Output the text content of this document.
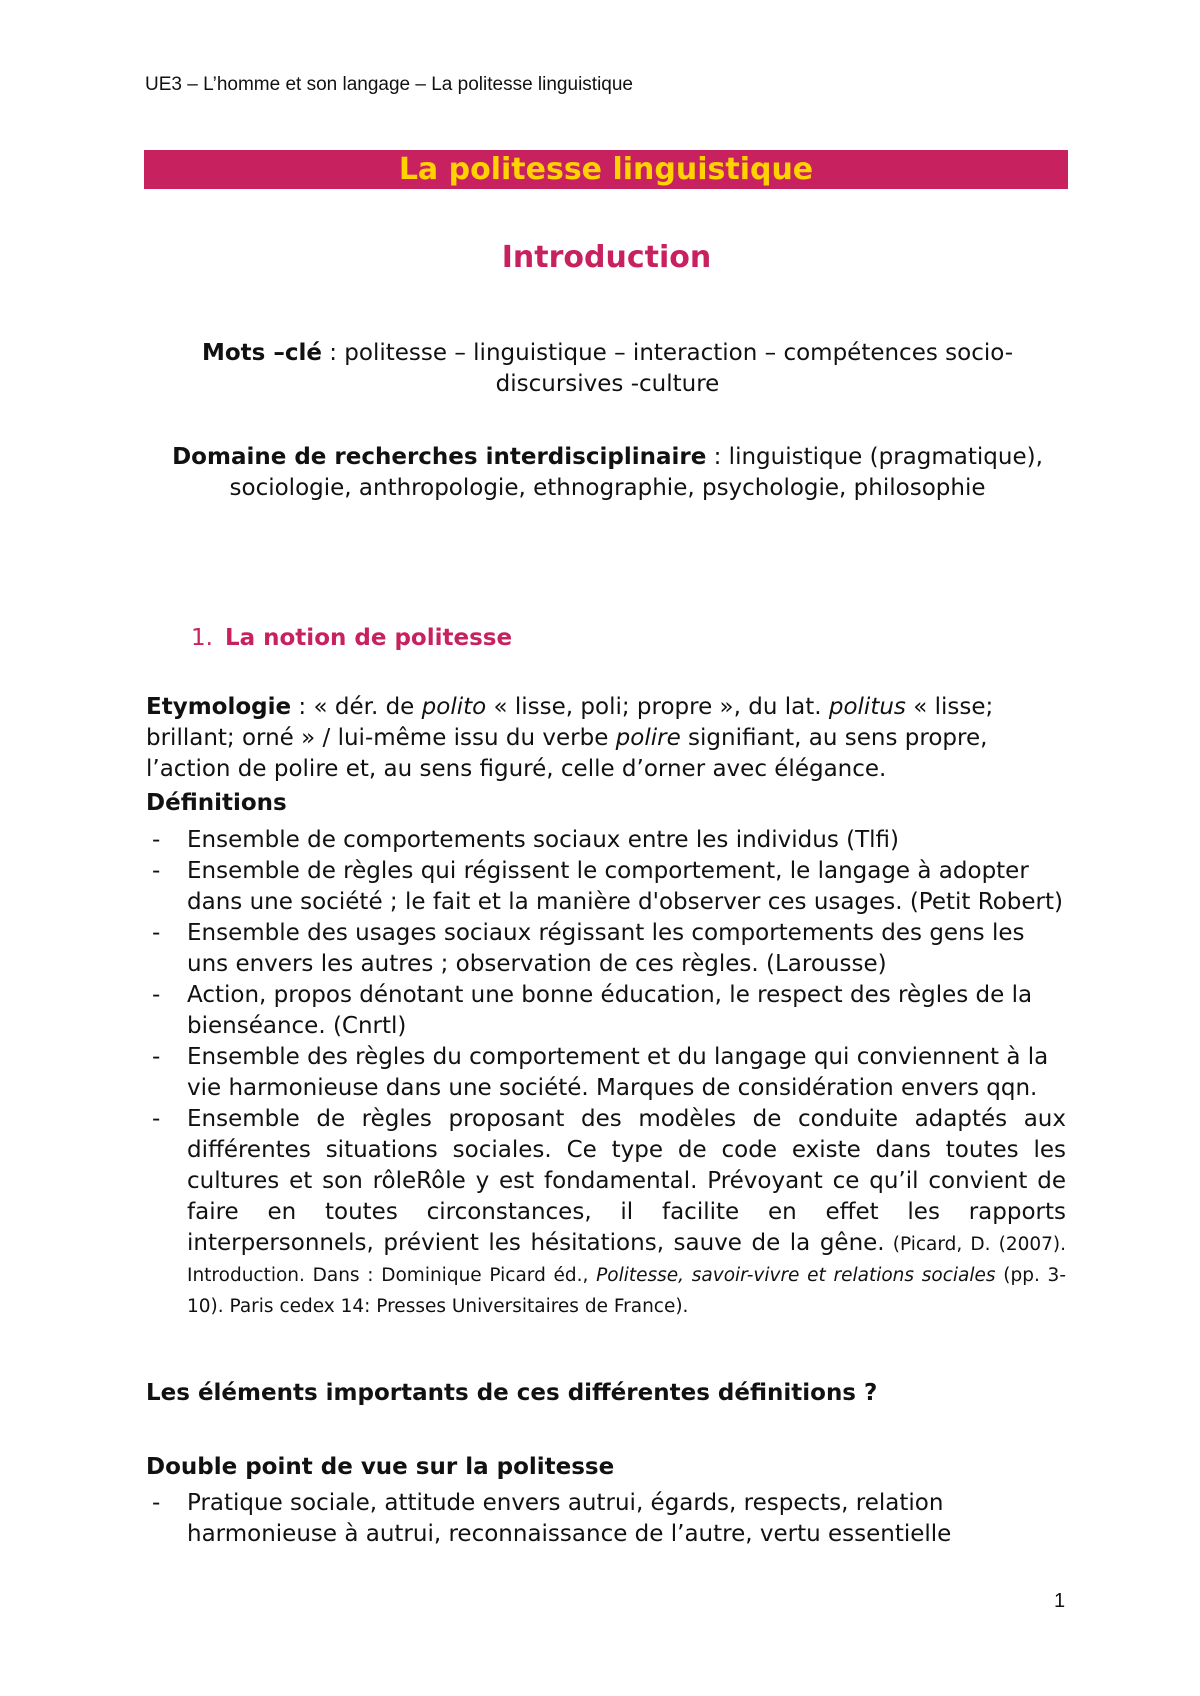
UE3 – L’homme et son langage – La politesse linguistique
La politesse linguistique
Introduction
Mots –clé : politesse – linguistique – interaction – compétences socio-discursives -culture
Domaine de recherches interdisciplinaire : linguistique (pragmatique), sociologie, anthropologie, ethnographie, psychologie, philosophie
1. La notion de politesse
Etymologie : « dér. de polito « lisse, poli; propre », du lat. politus « lisse; brillant; orné » / lui-même issu du verbe polire signifiant, au sens propre, l’action de polire et, au sens figuré, celle d’orner avec élégance.
Définitions
- Ensemble de comportements sociaux entre les individus (Tlfi)
- Ensemble de règles qui régissent le comportement, le langage à adopter dans une société ; le fait et la manière d'observer ces usages. (Petit Robert)
- Ensemble des usages sociaux régissant les comportements des gens les uns envers les autres ; observation de ces règles. (Larousse)
- Action, propos dénotant une bonne éducation, le respect des règles de la bienséance. (Cnrtl)
- Ensemble des règles du comportement et du langage qui conviennent à la vie harmonieuse dans une société. Marques de considération envers qqn.
- Ensemble de règles proposant des modèles de conduite adaptés aux différentes situations sociales. Ce type de code existe dans toutes les cultures et son rôleRôle y est fondamental. Prévoyant ce qu’il convient de faire en toutes circonstances, il facilite en effet les rapports interpersonnels, prévient les hésitations, sauve de la gêne. (Picard, D. (2007). Introduction. Dans : Dominique Picard éd., Politesse, savoir-vivre et relations sociales (pp. 3-10). Paris cedex 14: Presses Universitaires de France).
Les éléments importants de ces différentes définitions ?
Double point de vue sur la politesse
- Pratique sociale, attitude envers autrui, égards, respects, relation harmonieuse à autrui, reconnaissance de l’autre, vertu essentielle
1
